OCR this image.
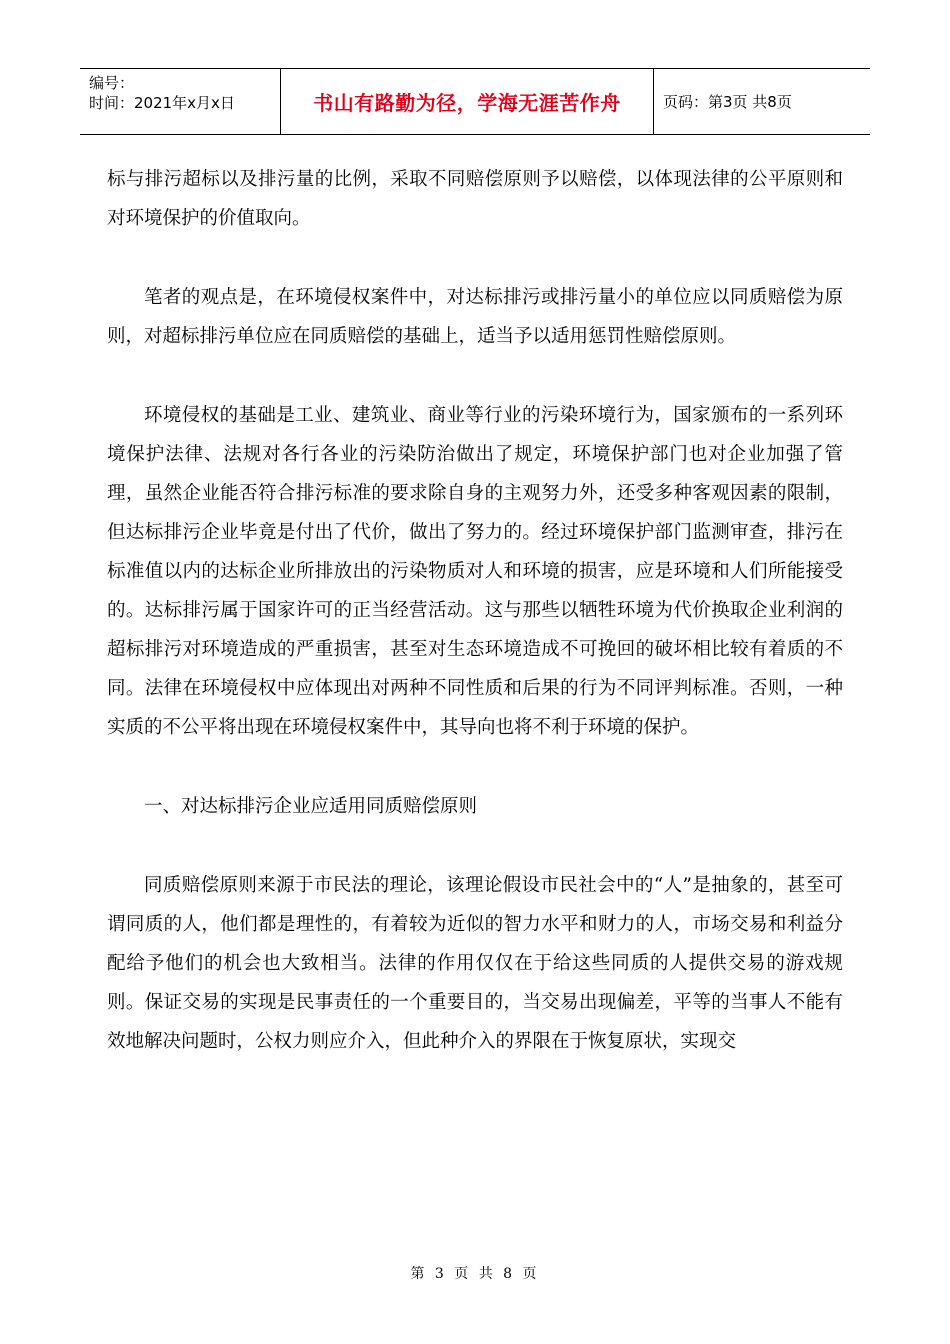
编号：
时间：2021年x月x日	书山有路勤为径，学海无涯苦作舟	页码：第3页 共8页

标与排污超标以及排污量的比例，采取不同赔偿原则予以赔偿，以体现法律的公平原则和对环境保护的价值取向。

笔者的观点是，在环境侵权案件中，对达标排污或排污量小的单位应以同质赔偿为原则，对超标排污单位应在同质赔偿的基础上，适当予以适用惩罚性赔偿原则。

环境侵权的基础是工业、建筑业、商业等行业的污染环境行为，国家颁布的一系列环境保护法律、法规对各行各业的污染防治做出了规定，环境保护部门也对企业加强了管理，虽然企业能否符合排污标准的要求除自身的主观努力外，还受多种客观因素的限制，但达标排污企业毕竟是付出了代价，做出了努力的。经过环境保护部门监测审查，排污在标准值以内的达标企业所排放出的污染物质对人和环境的损害，应是环境和人们所能接受的。达标排污属于国家许可的正当经营活动。这与那些以牺牲环境为代价换取企业利润的超标排污对环境造成的严重损害，甚至对生态环境造成不可挽回的破坏相比较有着质的不同。法律在环境侵权中应体现出对两种不同性质和后果的行为不同评判标准。否则，一种实质的不公平将出现在环境侵权案件中，其导向也将不利于环境的保护。

一、对达标排污企业应适用同质赔偿原则

同质赔偿原则来源于市民法的理论，该理论假设市民社会中的“人”是抽象的，甚至可谓同质的人，他们都是理性的，有着较为近似的智力水平和财力的人，市场交易和利益分配给予他们的机会也大致相当。法律的作用仅仅在于给这些同质的人提供交易的游戏规则。保证交易的实现是民事责任的一个重要目的，当交易出现偏差，平等的当事人不能有效地解决问题时，公权力则应介入，但此种介入的界限在于恢复原状，实现交

第 3 页 共 8 页
